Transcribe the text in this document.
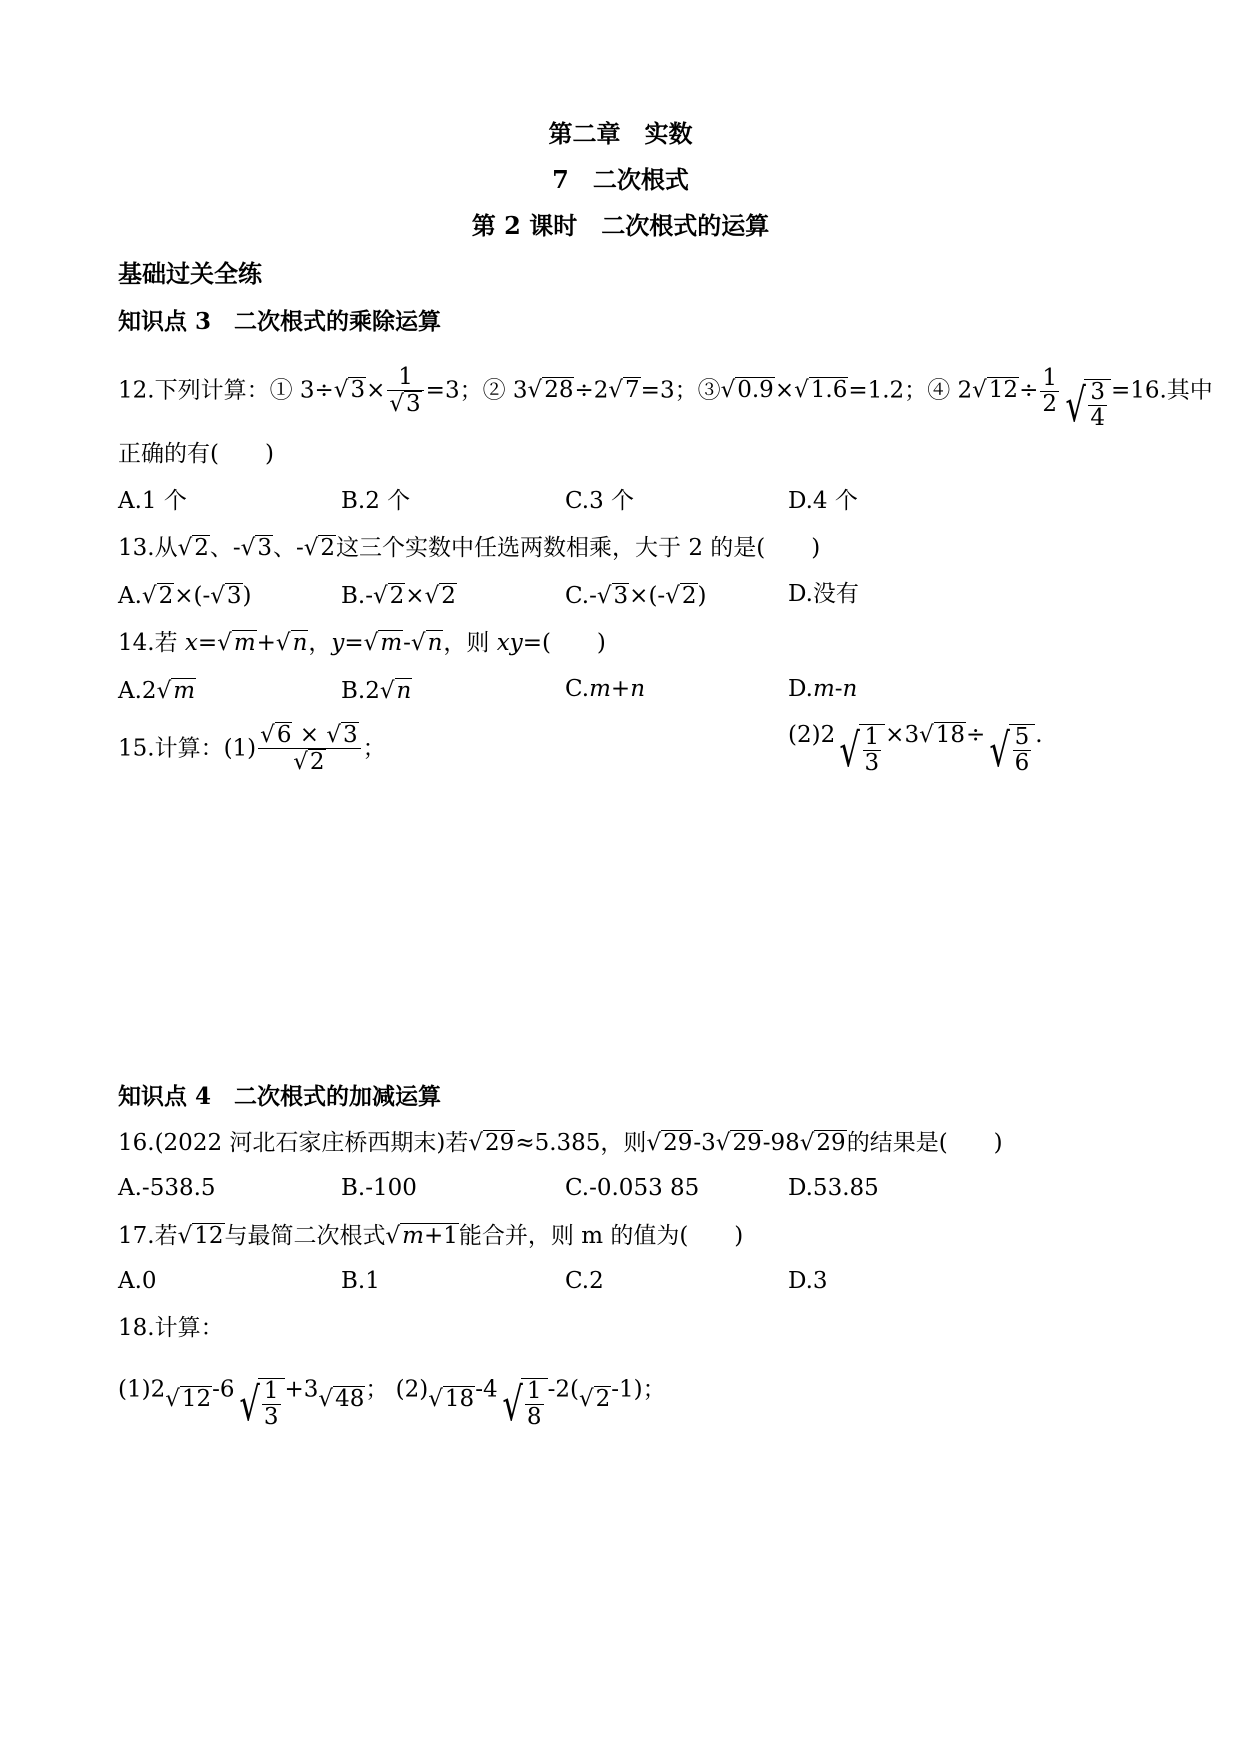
第二章　实数
7　二次根式
第 2 课时　二次根式的运算
基础过关全练
知识点 3　二次根式的乘除运算
12.下列计算：① $3\div√3\times \frac{1}{√3} =3$；② 3√28÷2√7=3；③√0.9×√1.6=1.2；④ $2√12\div \frac{1}{2}$ √ $\frac{3}{4} =16$.其中
正确的有(　　)
A.1 个	B.2 个	C.3 个	D.4 个
13.从√2、-√3、-√2这三个实数中任选两数相乘，大于 2 的是(　　)
A.√2×(-√3)	B.-√2×√2	C.-√3×(-√2)	D.没有
14.若 x=√m+√n，y=√m-√n，则 xy=(　　)
A.2√m	B.2√n	C.m+n	D.m-n
15.计算：$(1) \frac{√6 \times √3}{√2}$ ；
$(2)2√ \frac{1}{3} \times 3√18\div√ \frac{5}{6}$ .
知识点 4　二次根式的加减运算
16.(2022 河北石家庄桥西期末)若√29≈5.385，则√29-3√29-98√29的结果是(　　)
A.-538.5	B.-100	C.-0.053 85	D.53.85
17.若√12与最简二次根式√m+1能合并，则 m 的值为(　　)
A.0	B.1	C.2	D.3
18.计算：
$(1)2√12-6√ \frac{1}{3} +3√48$； $(2)√18-4√ \frac{1}{8} -2(√2-1)$；
